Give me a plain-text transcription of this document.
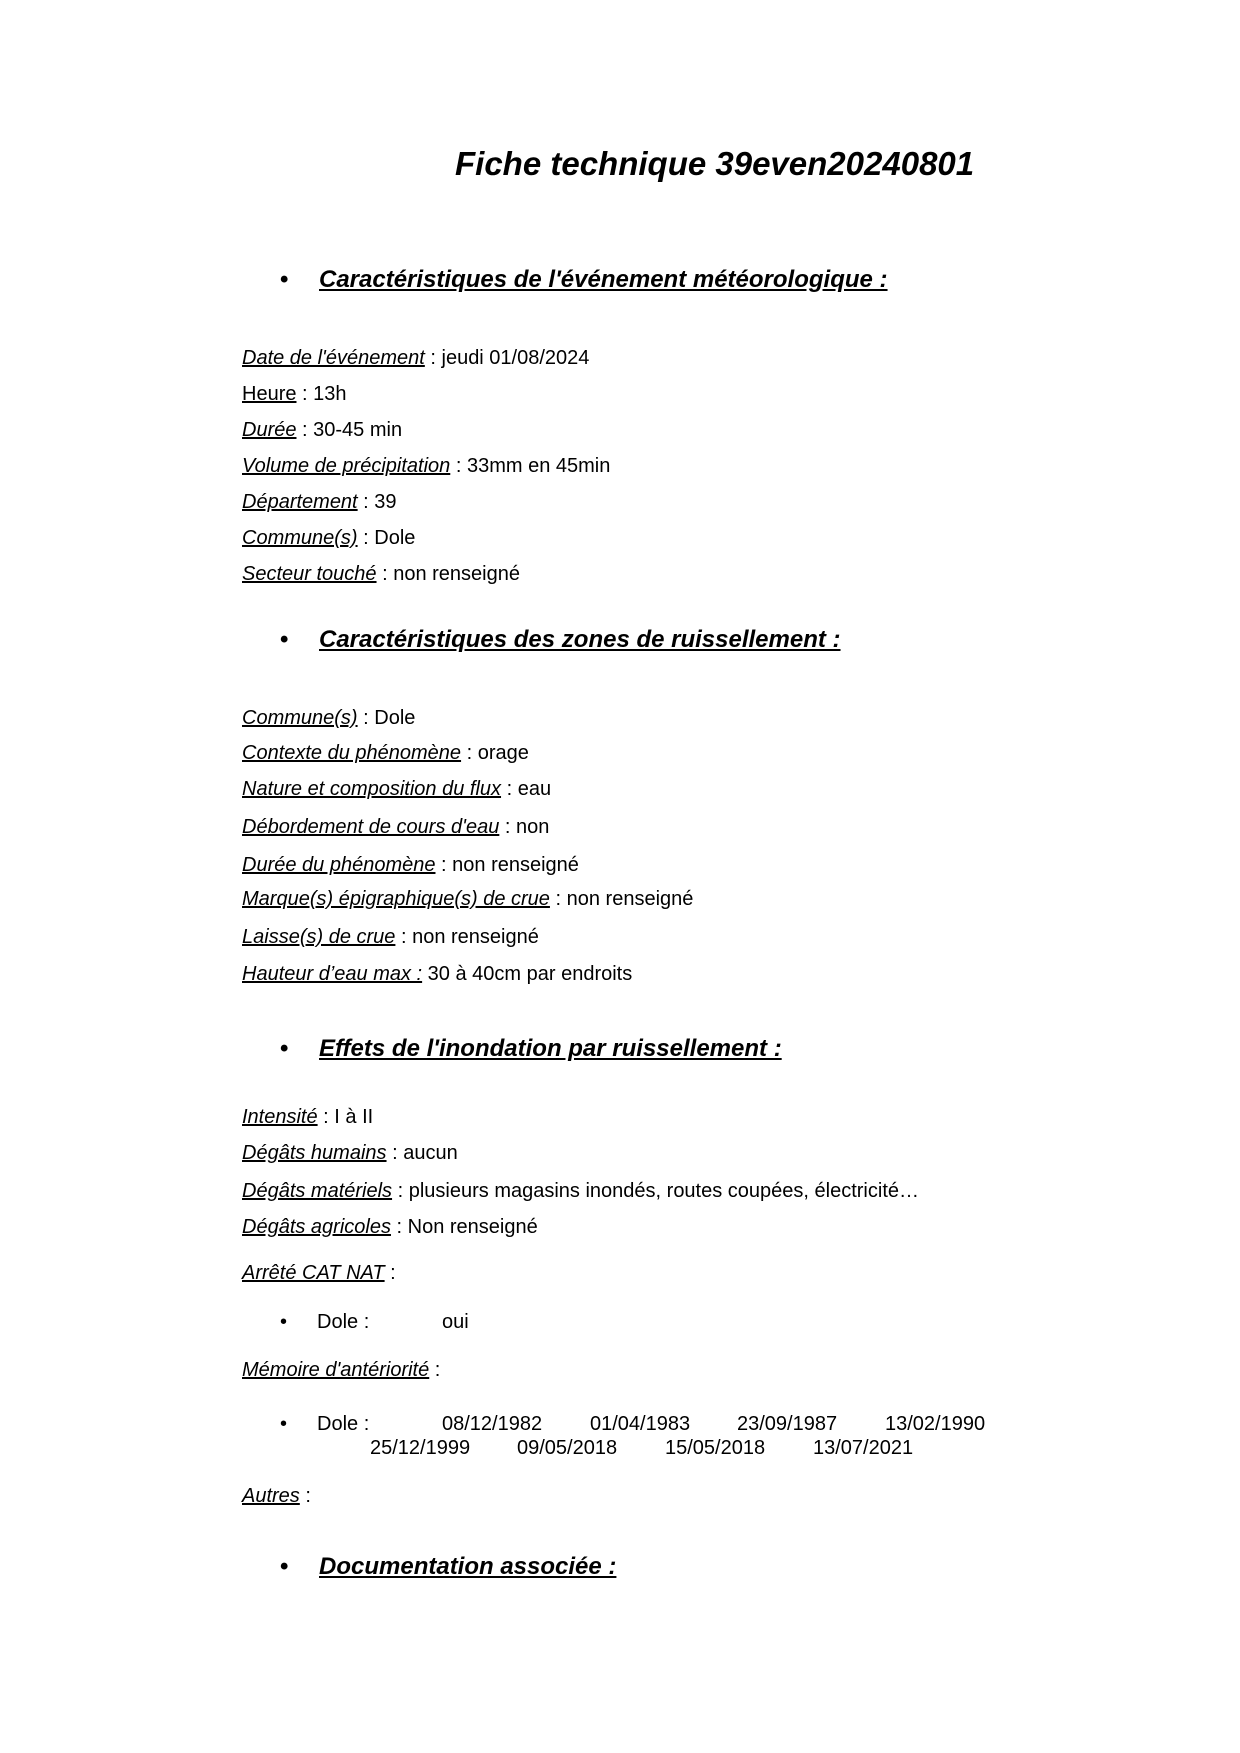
Fiche technique 39even20240801
• Caractéristiques de l'événement météorologique :
Date de l'événement : jeudi 01/08/2024
Heure : 13h
Durée : 30-45 min
Volume de précipitation : 33mm en 45min
Département : 39
Commune(s) : Dole
Secteur touché : non renseigné
• Caractéristiques des zones de ruissellement :
Commune(s) : Dole
Contexte du phénomène : orage
Nature et composition du flux : eau
Débordement de cours d'eau : non
Durée du phénomène : non renseigné
Marque(s) épigraphique(s) de crue : non renseigné
Laisse(s) de crue : non renseigné
Hauteur d’eau max : 30 à 40cm par endroits
• Effets de l'inondation par ruissellement :
Intensité : I à II
Dégâts humains : aucun
Dégâts matériels : plusieurs magasins inondés, routes coupées, électricité…
Dégâts agricoles : Non renseigné
Arrêté CAT NAT :
• Dole :	oui
Mémoire d'antériorité :
• Dole :	08/12/1982 01/04/1983 23/09/1987 13/02/1990
25/12/1999 09/05/2018 15/05/2018 13/07/2021
Autres :
• Documentation associée :
